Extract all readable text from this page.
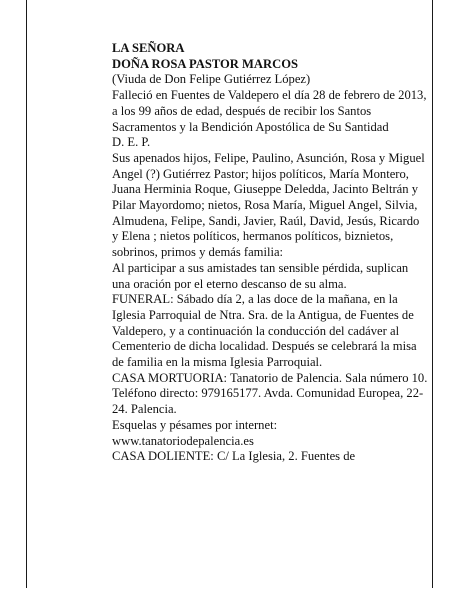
LA SEÑORA

DOÑA ROSA PASTOR MARCOS

(Viuda de Don Felipe Gutiérrez López)

Falleció en Fuentes de Valdepero el día 28 de febrero de 2013, a los 99 años de edad, después de recibir los Santos Sacramentos y la Bendición Apostólica de Su Santidad

D. E. P.

Sus apenados hijos, Felipe, Paulino, Asunción, Rosa y Miguel Angel (?) Gutiérrez Pastor; hijos políticos, María Montero, Juana Herminia Roque, Giuseppe Deledda, Jacinto Beltrán y Pilar Mayordomo; nietos, Rosa María, Miguel Angel, Silvia, Almudena, Felipe, Sandi, Javier, Raúl, David, Jesús, Ricardo y Elena ; nietos políticos, hermanos políticos, biznietos, sobrinos, primos y demás familia:

Al participar a sus amistades tan sensible pérdida, suplican una oración por el eterno descanso de su alma.

FUNERAL: Sábado día 2, a las doce de la mañana, en la Iglesia Parroquial de Ntra. Sra. de la Antigua, de Fuentes de Valdepero, y a continuación la conducción del cadáver al Cementerio de dicha localidad. Después se celebrará la misa de familia en la misma Iglesia Parroquial.

CASA MORTUORIA: Tanatorio de Palencia. Sala número 10. Teléfono directo: 979165177. Avda. Comunidad Europea, 22-24. Palencia.

Esquelas y pésames por internet:

www.tanatoriodepalencia.es

CASA DOLIENTE: C/ La Iglesia, 2. Fuentes de
